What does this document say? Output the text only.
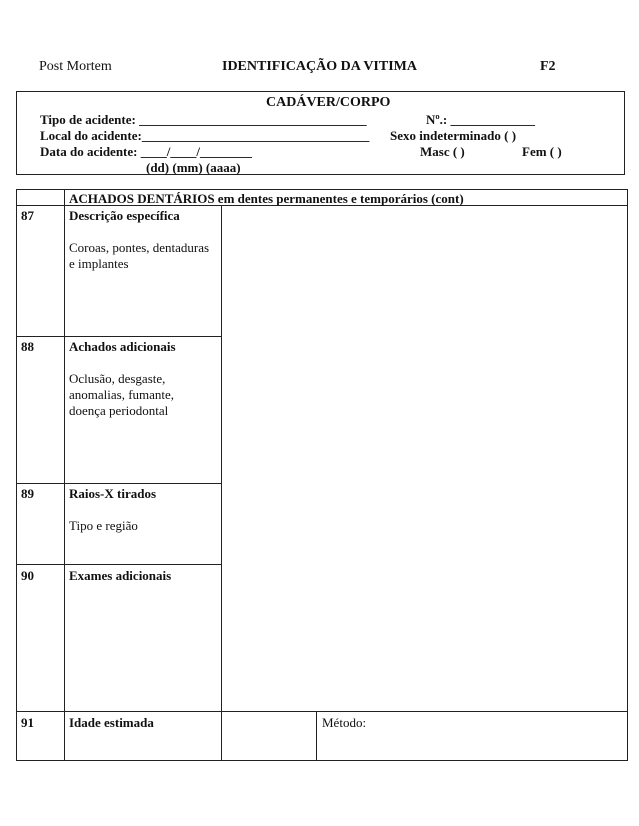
Post Mortem	IDENTIFICAÇÃO DA VITIMA	F2
CADÁVER/CORPO
Tipo de acidente: ___________________________________
Local do acidente:___________________________________
Data do acidente: ____/____/________
(dd) (mm) (aaaa)
Nº.: _____________
Sexo indeterminado ( )
Masc ( )	Fem ( )
ACHADOS DENTÁRIOS em dentes permanentes e temporários (cont)
87	Descrição específica
Coroas, pontes, dentaduras e implantes
88	Achados adicionais
Oclusão, desgaste, anomalias, fumante, doença periodontal
89	Raios-X tirados
Tipo e região
90	Exames adicionais
91	Idade estimada	Método:
